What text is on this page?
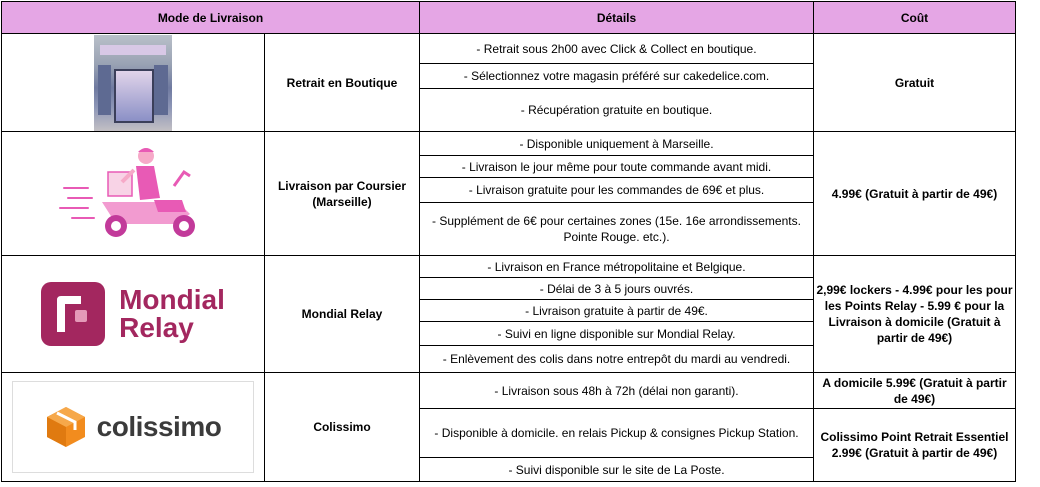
Mode de Livraison		Détails	Coût

	Retrait en Boutique	- Retrait sous 2h00 avec Click & Collect en boutique.	Gratuit
		- Sélectionnez votre magasin préféré sur cakedelice.com.	
		- Récupération gratuite en boutique.	
	Livraison par Coursier (Marseille)	- Disponible uniquement à Marseille.	4.99€ (Gratuit à partir de 49€)
		- Livraison le jour même pour toute commande avant midi.	
		- Livraison gratuite pour les commandes de 69€ et plus.	
		- Supplément de 6€ pour certaines zones (15e. 16e arrondissements. Pointe Rouge. etc.).	

Mondial
Relay	Mondial Relay	- Livraison en France métropolitaine et Belgique.	2,99€ lockers - 4.99€ pour les pour les Points Relay - 5.99 € pour la Livraison à domicile (Gratuit à partir de 49€)
		- Délai de 3 à 5 jours ouvrés.	
		- Livraison gratuite à partir de 49€.	
		- Suivi en ligne disponible sur Mondial Relay.	
		- Enlèvement des colis dans notre entrepôt du mardi au vendredi.	

colissimo	Colissimo	- Livraison sous 48h à 72h (délai non garanti).	A domicile 5.99€ (Gratuit à partir de 49€)
		- Disponible à domicile. en relais Pickup & consignes Pickup Station.	Colissimo Point Retrait Essentiel 2.99€ (Gratuit à partir de 49€)
		- Suivi disponible sur le site de La Poste.	
